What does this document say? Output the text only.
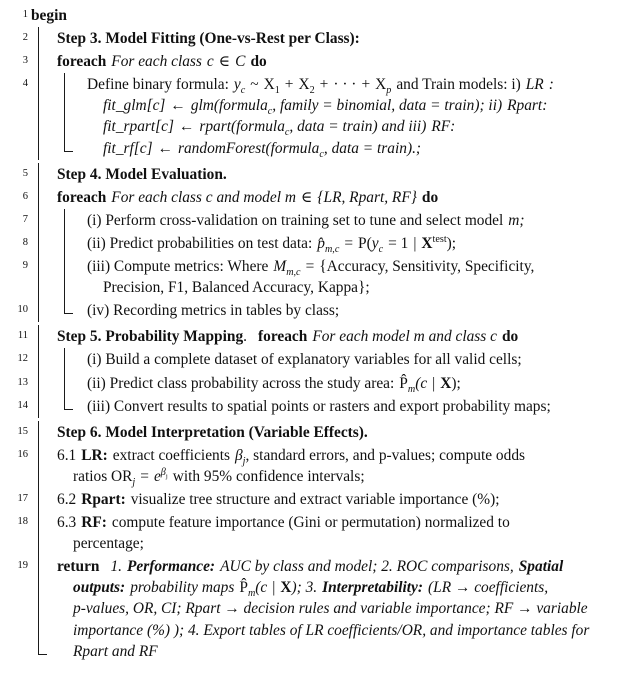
1 begin
2 Step 3. Model Fitting (One-vs-Rest per Class):
3 foreach For each class c ∈ C do
4	Define binary formula: $y_c$ ~ $X_1 + X_2$ + · · · + $X_p$ and Train models: i) LR :
fit_glm[c] ← glm(formula$_c$, family = binomial, data = train); ii) Rpart:
fit_rpart[c] ← rpart(formula$_c$, data = train) and iii) RF:
fit_rf[c] ← randomForest(formula$_c$, data = train).;
5 Step 4. Model Evaluation.
6 foreach For each class c and model m ∈ {LR, Rpart, RF} do
7	(i) Perform cross-validation on training set to tune and select model m;
8	(ii) Predict probabilities on test data: $p̂_{m,c} = P(y_c = 1$ | $X^{test}$);
9	(iii) Compute metrics: Where $M_{m,c}$ = {Accuracy, Sensitivity, Specificity,
Precision, F1, Balanced Accuracy, Kappa};
10	(iv) Recording metrics in tables by class;
11 Step 5. Probability Mapping. foreach For each model m and class c do
12	(i) Build a complete dataset of explanatory variables for all valid cells;
13	(ii) Predict class probability across the study area: $P̂_m(c$ | X);
14	(iii) Convert results to spatial points or rasters and export probability maps;
15 Step 6. Model Interpretation (Variable Effects).
16 6.1 LR: extract coefficients $\beta_j$, standard errors, and p-values; compute odds
ratios $OR_j = e^{\beta_j}$ with 95% confidence intervals;
17 6.2 Rpart: visualize tree structure and extract variable importance (%);
18 6.3 RF: compute feature importance (Gini or permutation) normalized to
percentage;
19 return 1. Performance: AUC by class and model; 2. ROC comparisons, Spatial
outputs: probability maps $P̂_m(c$ | X); 3. Interpretability: (LR → coefficients,
p-values, OR, CI; Rpart → decision rules and variable importance; RF → variable
importance (%) ); 4. Export tables of LR coefficients/OR, and importance tables for
Rpart and RF
